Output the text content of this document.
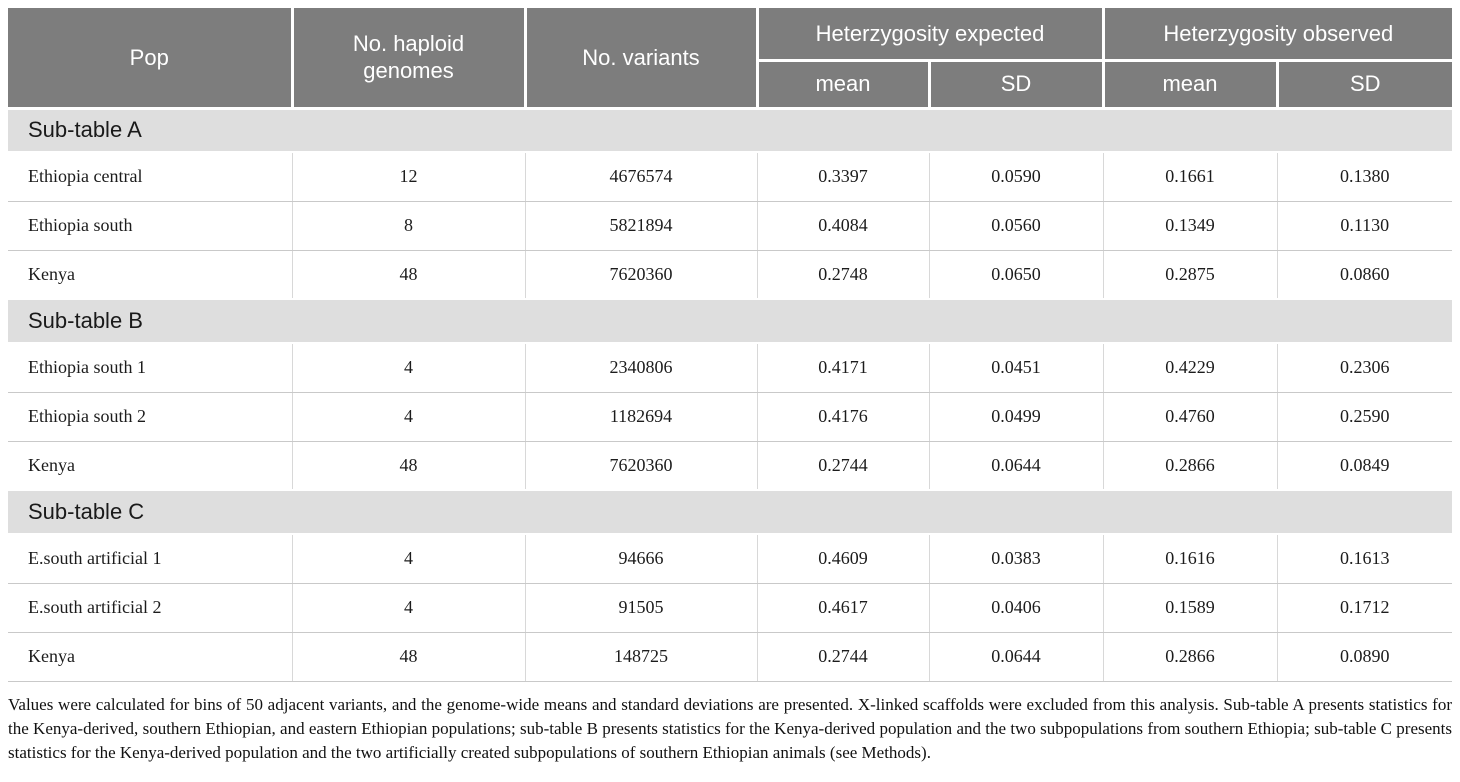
Pop	No. haploid genomes	No. variants	Heterzygosity expected		Heterzygosity observed	
			mean	SD	mean	SD
Sub-table A						
Ethiopia central	12	4676574	0.3397	0.0590	0.1661	0.1380
Ethiopia south	8	5821894	0.4084	0.0560	0.1349	0.1130
Kenya	48	7620360	0.2748	0.0650	0.2875	0.0860
Sub-table B						
Ethiopia south 1	4	2340806	0.4171	0.0451	0.4229	0.2306
Ethiopia south 2	4	1182694	0.4176	0.0499	0.4760	0.2590
Kenya	48	7620360	0.2744	0.0644	0.2866	0.0849
Sub-table C						
E.south artificial 1	4	94666	0.4609	0.0383	0.1616	0.1613
E.south artificial 2	4	91505	0.4617	0.0406	0.1589	0.1712
Kenya	48	148725	0.2744	0.0644	0.2866	0.0890

Values were calculated for bins of 50 adjacent variants, and the genome-wide means and standard deviations are presented. X-linked scaffolds were excluded from this analysis. Sub-table A presents statistics for the Kenya-derived, southern Ethiopian, and eastern Ethiopian populations; sub-table B presents statistics for the Kenya-derived population and the two subpopulations from southern Ethiopia; sub-table C presents statistics for the Kenya-derived population and the two artificially created subpopulations of southern Ethiopian animals (see Methods).
